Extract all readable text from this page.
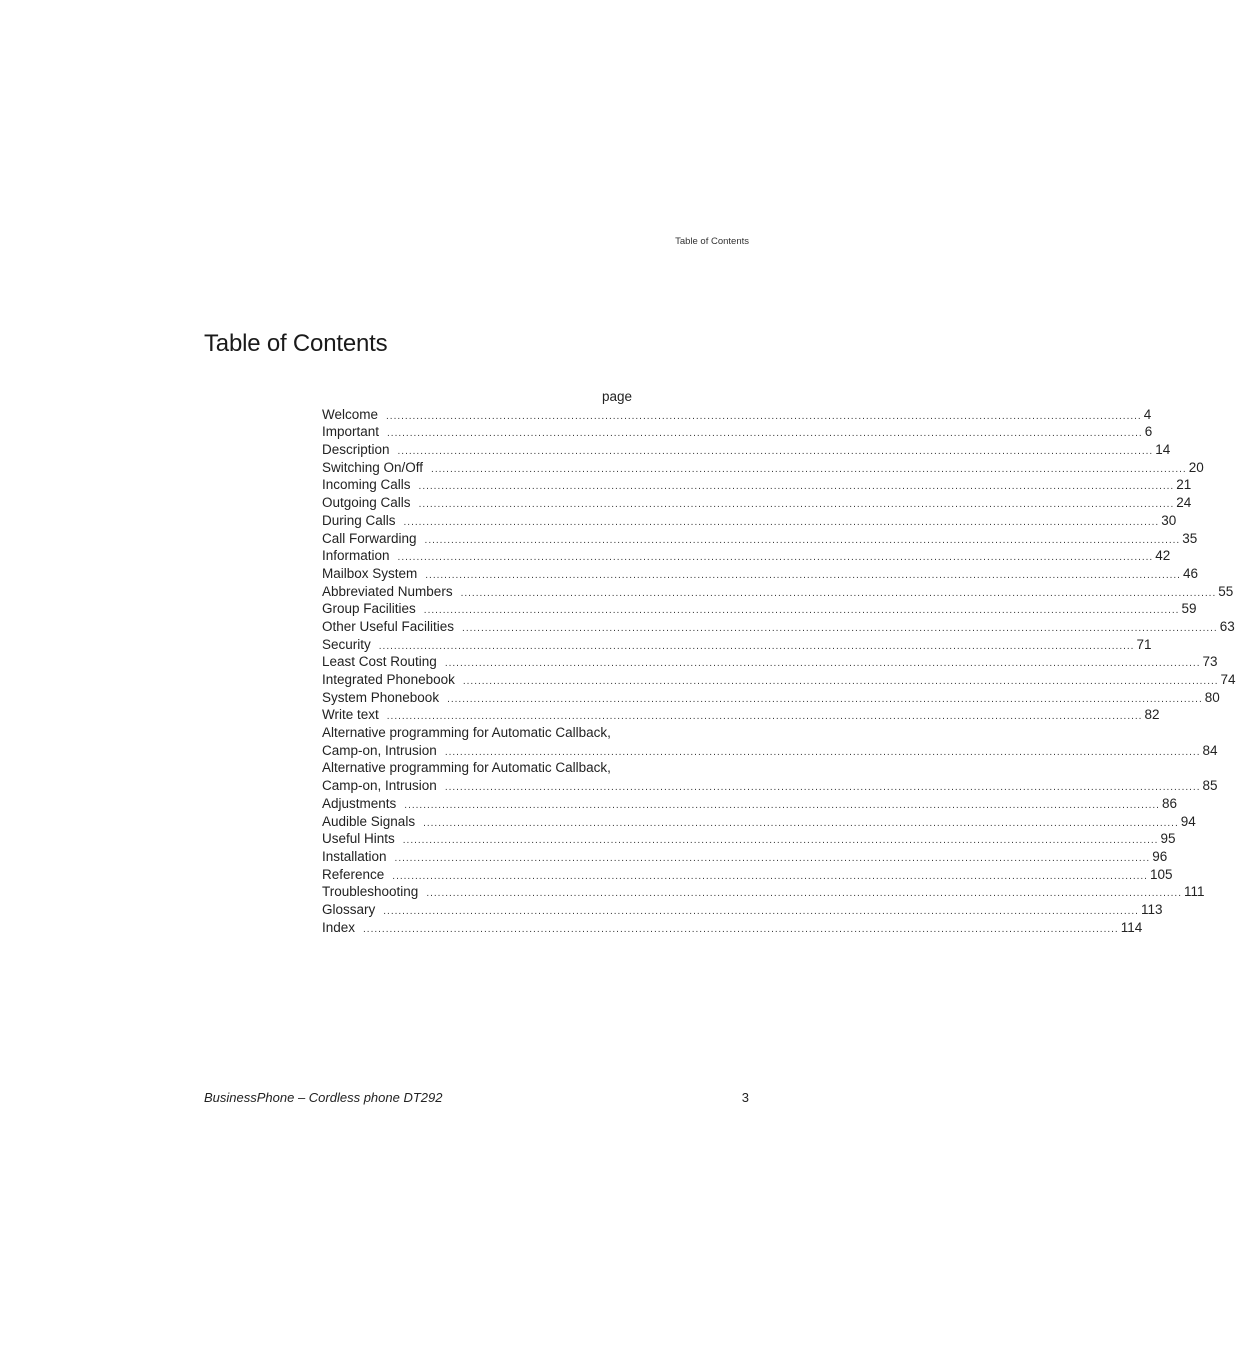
Table of Contents
Table of Contents
page
Welcome ........................................................................................................................................................................................................ 4
Important ........................................................................................................................................................................................................ 6
Description ........................................................................................................................................................................................................ 14
Switching On/Off ........................................................................................................................................................................................................ 20
Incoming Calls ........................................................................................................................................................................................................ 21
Outgoing Calls ........................................................................................................................................................................................................ 24
During Calls ........................................................................................................................................................................................................ 30
Call Forwarding ........................................................................................................................................................................................................ 35
Information ........................................................................................................................................................................................................ 42
Mailbox System ........................................................................................................................................................................................................ 46
Abbreviated Numbers ........................................................................................................................................................................................................ 55
Group Facilities ........................................................................................................................................................................................................ 59
Other Useful Facilities ........................................................................................................................................................................................................ 63
Security ........................................................................................................................................................................................................ 71
Least Cost Routing ........................................................................................................................................................................................................ 73
Integrated Phonebook ........................................................................................................................................................................................................ 74
System Phonebook ........................................................................................................................................................................................................ 80
Write text ........................................................................................................................................................................................................ 82
Alternative programming for Automatic Callback,
Camp-on, Intrusion ........................................................................................................................................................................................................ 84
Alternative programming for Automatic Callback,
Camp-on, Intrusion ........................................................................................................................................................................................................ 85
Adjustments ........................................................................................................................................................................................................ 86
Audible Signals ........................................................................................................................................................................................................ 94
Useful Hints ........................................................................................................................................................................................................ 95
Installation ........................................................................................................................................................................................................ 96
Reference ........................................................................................................................................................................................................ 105
Troubleshooting ........................................................................................................................................................................................................ 111
Glossary ........................................................................................................................................................................................................ 113
Index ........................................................................................................................................................................................................ 114
BusinessPhone – Cordless phone DT292	3
